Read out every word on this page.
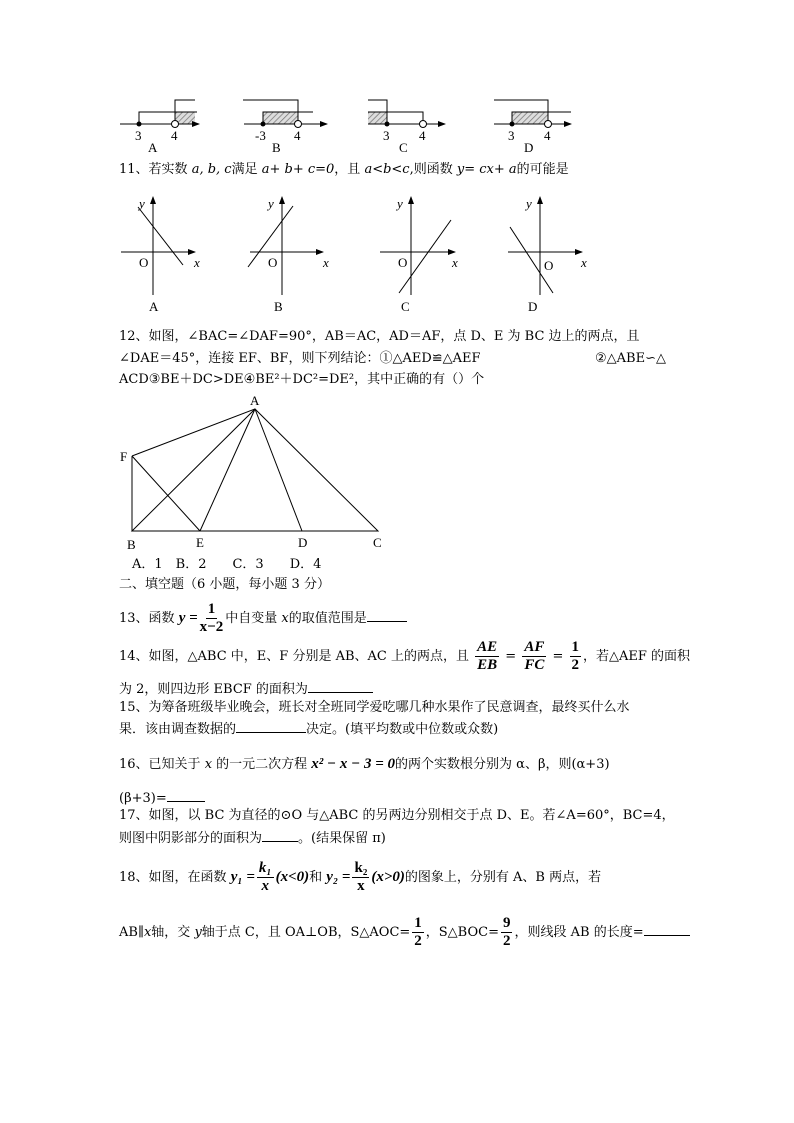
3 4
A
-3 4
B
3 4
C
3 4
D
y
O	x
A
y
O	x
B
y
O	x
C
y
O x
D
A
F
B	E	D	C
11、若实数 a, b, c满足 a+ b+ c=0，且 a<b<c,则函数 y= cx+ a的可能是
12、如图，∠BAC=∠DAF=90°，AB＝AC，AD＝AF，点 D、E 为 BC 边上的两点，且
∠DAE＝45°，连接 EF、BF，则下列结论：①△AED≌△AEF	②△ABE∽△
ACD③BE＋DC>DE④BE²＋DC²=DE²，其中正确的有（）个
A．1　B．2　　C．3　　D．4
二、填空题（6 小题，每小题 3 分）
13、函数 $y = \frac{1}{x-2}$ 中自变量 x的取值范围是
14、如图，△ABC 中，E、F 分别是 AB、AC 上的两点，且 $\frac{AE}{EB} = \frac{AF}{FC} = \frac{1}{2}$ ，若△AEF 的面积
为 2，则四边形 EBCF 的面积为
15、为筹备班级毕业晚会，班长对全班同学爱吃哪几种水果作了民意调查，最终买什么水
果．该由调查数据的	决定。(填平均数或中位数或众数)
16、已知关于 x 的一元二次方程 x² − x − 3 = 0的两个实数根分别为 α、β，则(α+3)
(β+3)=
17、如图，以 BC 为直径的⊙O 与△ABC 的另两边分别相交于点 D、E。若∠A=60°，BC=4，
则图中阴影部分的面积为	。(结果保留 π)
18、如图，在函数 $y_1 = \frac{\text{k₁}}{x} (x<0)$和 $y_2 = \frac{\text{k₂}}{x} (x>0)$的图象上，分别有 A、B 两点，若
AB∥x轴，交 y轴于点 C，且 OA⊥OB，S△AOC= $\frac{1}{2}$ ，S△BOC= $\frac{9}{2}$ ，则线段 AB 的长度=
